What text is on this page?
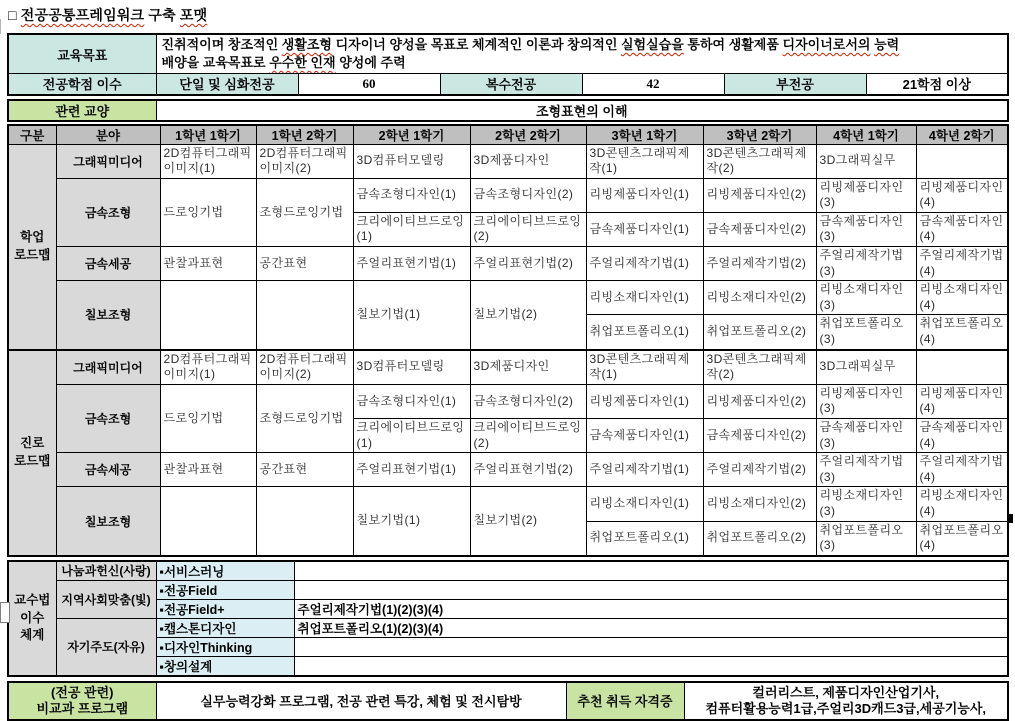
□ 전공공통프레임워크 구축 포맷
교육목표	진취적이며 창조적인 생활조형 디자이너 양성을 목표로 체계적인 이론과 창의적인 실험실습을 통하여 생활제품 디자이너로서의 능력
배양을 교육목표로 우수한 인재 양성에 주력					

전공학점 이수	단일 및 심화전공	60	복수전공	42	부전공	21학점 이상
관련 교양	조형표현의 이해
구분	분야	1학년 1학기	1학년 2학기	2학년 1학기	2학년 2학기	3학년 1학기	3학년 2학기	4학년 1학기	4학년 2학기

학업
로드맵	그래픽미디어	2D컴퓨터그래픽이미지(1)	2D컴퓨터그래픽이미지(2)	3D컴퓨터모델링	3D제품디자인	3D콘텐츠그래픽제작(1)	3D콘텐츠그래픽제작(2)	3D그래픽실무	
	금속조형	드로잉기법	조형드로잉기법	금속조형디자인(1)	금속조형디자인(2)	리빙제품디자인(1)	리빙제품디자인(2)	리빙제품디자인(3)	리빙제품디자인(4)
				크리에이티브드로잉(1)	크리에이티브드로잉(2)	금속제품디자인(1)	금속제품디자인(2)	금속제품디자인(3)	금속제품디자인(4)
	금속세공	관찰과표현	공간표현	주얼리표현기법(1)	주얼리표현기법(2)	주얼리제작기법(1)	주얼리제작기법(2)	주얼리제작기법(3)	주얼리제작기법(4)
	칠보조형			칠보기법(1)	칠보기법(2)	리빙소재디자인(1)	리빙소재디자인(2)	리빙소재디자인(3)	리빙소재디자인(4)
						취업포트폴리오(1)	취업포트폴리오(2)	취업포트폴리오(3)	취업포트폴리오(4)

진로
로드맵	그래픽미디어	2D컴퓨터그래픽이미지(1)	2D컴퓨터그래픽이미지(2)	3D컴퓨터모델링	3D제품디자인	3D콘텐츠그래픽제작(1)	3D콘텐츠그래픽제작(2)	3D그래픽실무	
	금속조형	드로잉기법	조형드로잉기법	금속조형디자인(1)	금속조형디자인(2)	리빙제품디자인(1)	리빙제품디자인(2)	리빙제품디자인(3)	리빙제품디자인(4)
				크리에이티브드로잉(1)	크리에이티브드로잉(2)	금속제품디자인(1)	금속제품디자인(2)	금속제품디자인(3)	금속제품디자인(4)
	금속세공	관찰과표현	공간표현	주얼리표현기법(1)	주얼리표현기법(2)	주얼리제작기법(1)	주얼리제작기법(2)	주얼리제작기법(3)	주얼리제작기법(4)
	칠보조형			칠보기법(1)	칠보기법(2)	리빙소재디자인(1)	리빙소재디자인(2)	리빙소재디자인(3)	리빙소재디자인(4)
						취업포트폴리오(1)	취업포트폴리오(2)	취업포트폴리오(3)	취업포트폴리오(4)
교수법
이수
체계	나눔과헌신(사랑)	▪서비스러닝	
	지역사회맞춤(빛)	▪전공Field	
		▪전공Field+	주얼리제작기법(1)(2)(3)(4)
	자기주도(자유)	▪캡스톤디자인	취업포트폴리오(1)(2)(3)(4)
		▪디자인Thinking	
		▪창의설계	
(전공 관련)
비교과 프로그램	실무능력강화 프로그램, 전공 관련 특강, 체험 및 전시탐방	추천 취득 자격증	
컬러리스트, 제품디자인산업기사,
컴퓨터활용능력1급,주얼리3D캐드3급,세공기능사,
